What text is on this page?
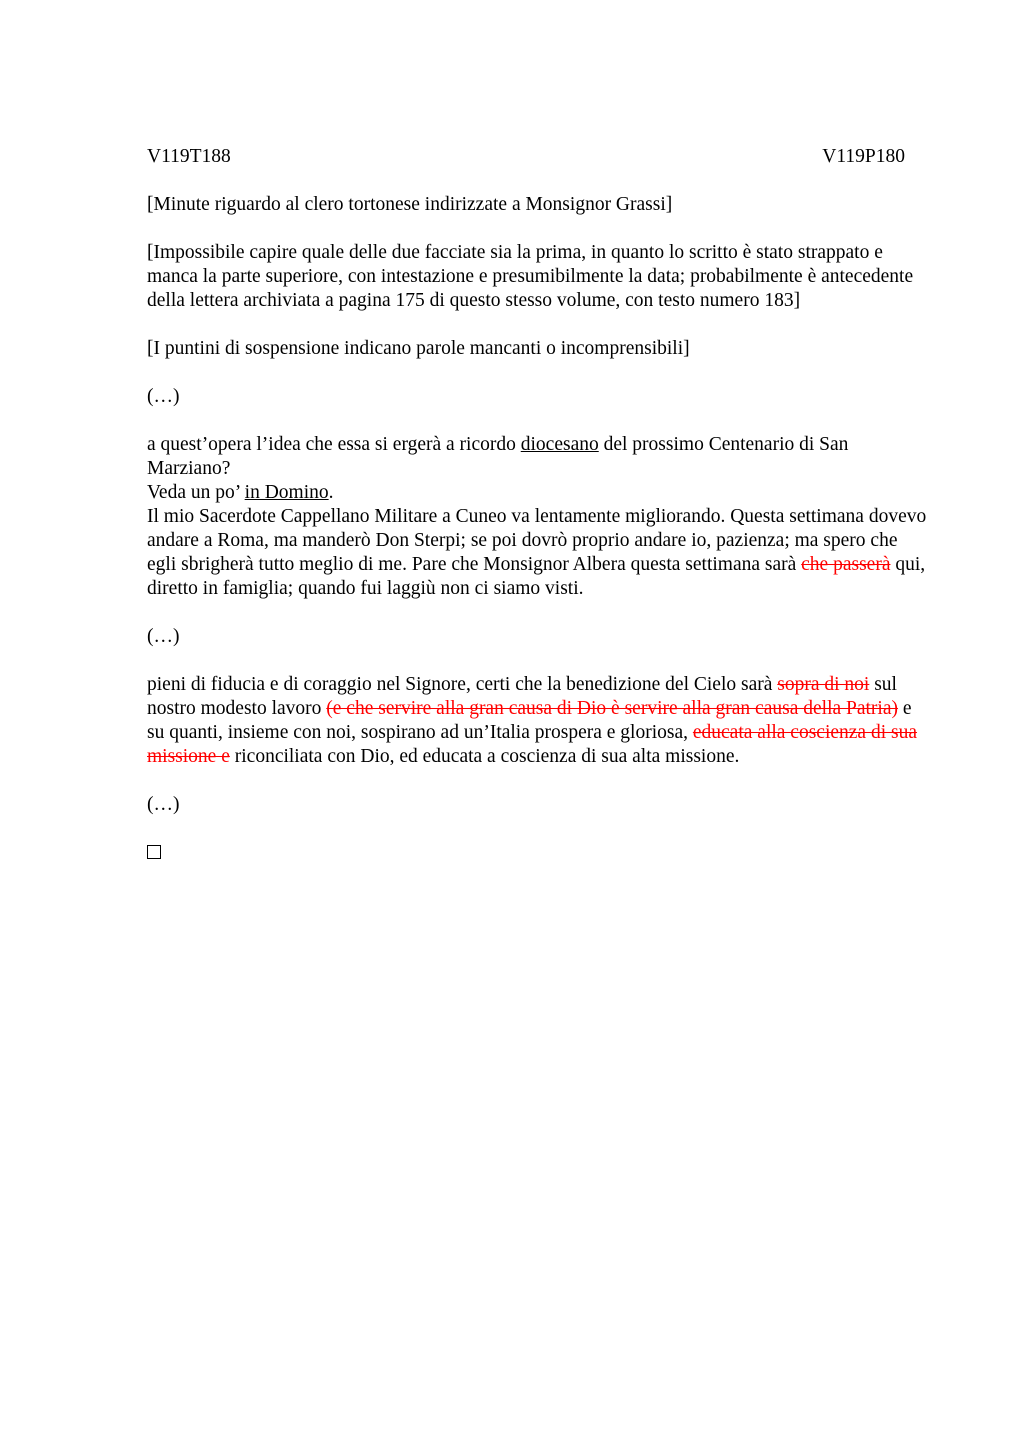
V119T188	V119P180

[Minute riguardo al clero tortonese indirizzate a Monsignor Grassi]

[Impossibile capire quale delle due facciate sia la prima, in quanto lo scritto è stato strappato e manca la parte superiore, con intestazione e presumibilmente la data; probabilmente è antecedente della lettera archiviata a pagina 175 di questo stesso volume, con testo numero 183]

[I puntini di sospensione indicano parole mancanti o incomprensibili]

(…)

a quest’opera l’idea che essa si ergerà a ricordo diocesano del prossimo Centenario di San Marziano?

Veda un po’ in Domino.

Il mio Sacerdote Cappellano Militare a Cuneo va lentamente migliorando. Questa settimana dovevo andare a Roma, ma manderò Don Sterpi; se poi dovrò proprio andare io, pazienza; ma spero che egli sbrigherà tutto meglio di me. Pare che Monsignor Albera questa settimana sarà che passerà qui, diretto in famiglia; quando fui laggiù non ci siamo visti.

(…)

pieni di fiducia e di coraggio nel Signore, certi che la benedizione del Cielo sarà sopra di noi sul nostro modesto lavoro (e che servire alla gran causa di Dio è servire alla gran causa della Patria) e su quanti, insieme con noi, sospirano ad un’Italia prospera e gloriosa, educata alla coscienza di sua missione e riconciliata con Dio, ed educata a coscienza di sua alta missione.

(…)
